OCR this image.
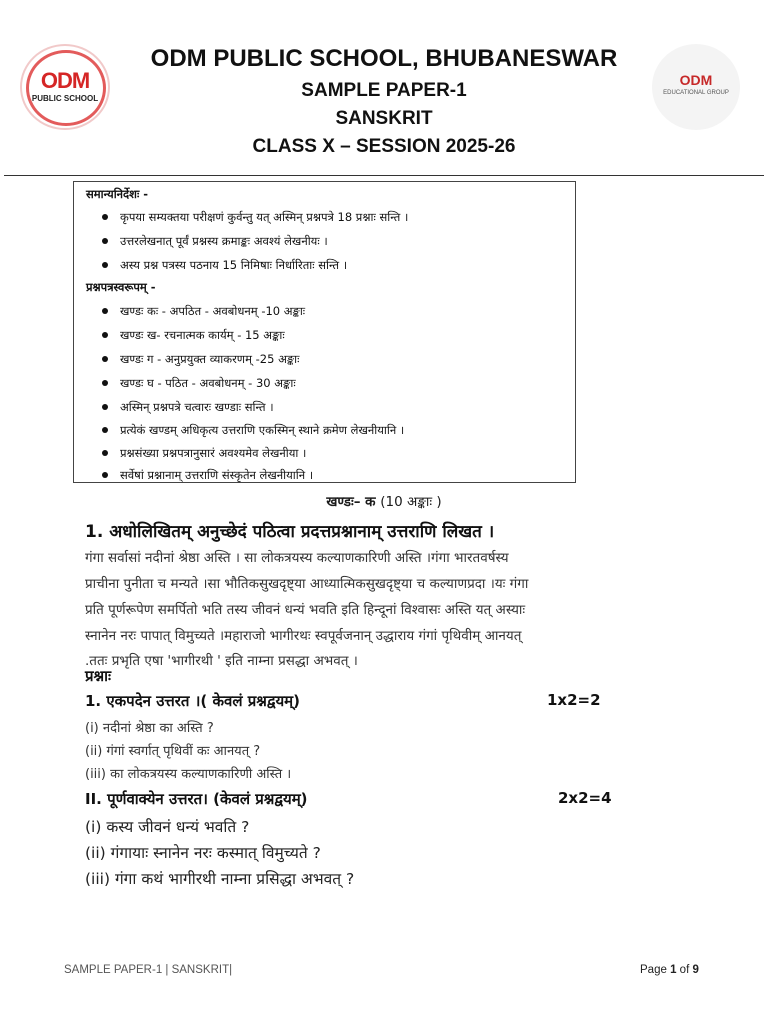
ODM
PUBLIC SCHOOL
ODM PUBLIC SCHOOL, BHUBANESWAR
SAMPLE PAPER-1
SANSKRIT
CLASS X – SESSION 2025-26
ODM
EDUCATIONAL GROUP
समान्यनिर्देशः -
कृपया सम्यक्तया परीक्षणं कुर्वन्तु यत् अस्मिन् प्रश्नपत्रे 18 प्रश्नाः सन्ति ।
उत्तरलेखनात् पूर्वं प्रश्नस्य क्रमाङ्कः अवश्यं लेखनीयः ।
अस्य प्रश्न पत्रस्य पठनाय 15 निमिषाः निर्धारिताः सन्ति ।
प्रश्नपत्रस्वरूपम् -
खण्डः कः - अपठित - अवबोधनम् -10 अङ्काः
खण्डः ख- रचनात्मक कार्यम् - 15 अङ्काः
खण्डः ग - अनुप्रयुक्त व्याकरणम् -25 अङ्काः
खण्डः घ - पठित - अवबोधनम् - 30 अङ्काः
अस्मिन् प्रश्नपत्रे चत्वारः खण्डाः सन्ति ।
प्रत्येकं खण्डम् अधिकृत्य उत्तराणि एकस्मिन् स्थाने क्रमेण लेखनीयानि ।
प्रश्नसंख्या प्रश्नपत्रानुसारं अवश्यमेव लेखनीया ।
सर्वेषां प्रश्नानाम् उत्तराणि संस्कृतेन लेखनीयानि ।
खण्डः– क (10 अङ्काः )
1. अधोलिखितम् अनुच्छेदं पठित्वा प्रदत्तप्रश्नानाम् उत्तराणि लिखत ।
गंगा सर्वासां नदीनां श्रेष्ठा अस्ति । सा लोकत्रयस्य कल्याणकारिणी अस्ति ।गंगा भारतवर्षस्य
प्राचीना पुनीता च मन्यते ।सा भौतिकसुखदृष्ट्या आध्यात्मिकसुखदृष्ट्या च कल्याणप्रदा ।यः गंगा
प्रति पूर्णरूपेण समर्पितो भति तस्य जीवनं धन्यं भवति इति हिन्दूनां विश्वासः अस्ति यत् अस्याः
स्नानेन नरः पापात् विमुच्यते ।महाराजो भागीरथः स्वपूर्वजनान् उद्धाराय गंगां पृथिवीम् आनयत्
.ततः प्रभृति एषा 'भागीरथी ' इति नाम्ना प्रसद्धा अभवत् ।
प्रश्नाः
1. एकपदेन उत्तरत ।( केवलं प्रश्नद्वयम्)	1x2=2
(i) नदीनां श्रेष्ठा का अस्ति ?
(ii) गंगां स्वर्गात् पृथिवीं कः आनयत् ?
(iii) का लोकत्रयस्य कल्याणकारिणी अस्ति ।
II. पूर्णवाक्येन उत्तरत। (केवलं प्रश्नद्वयम्)	2x2=4
(i) कस्य जीवनं धन्यं भवति ?
(ii) गंगायाः स्नानेन नरः कस्मात् विमुच्यते ?
(iii) गंगा कथं भागीरथी नाम्ना प्रसिद्धा अभवत् ?
SAMPLE PAPER-1 | SANSKRIT|	Page 1 of 9
